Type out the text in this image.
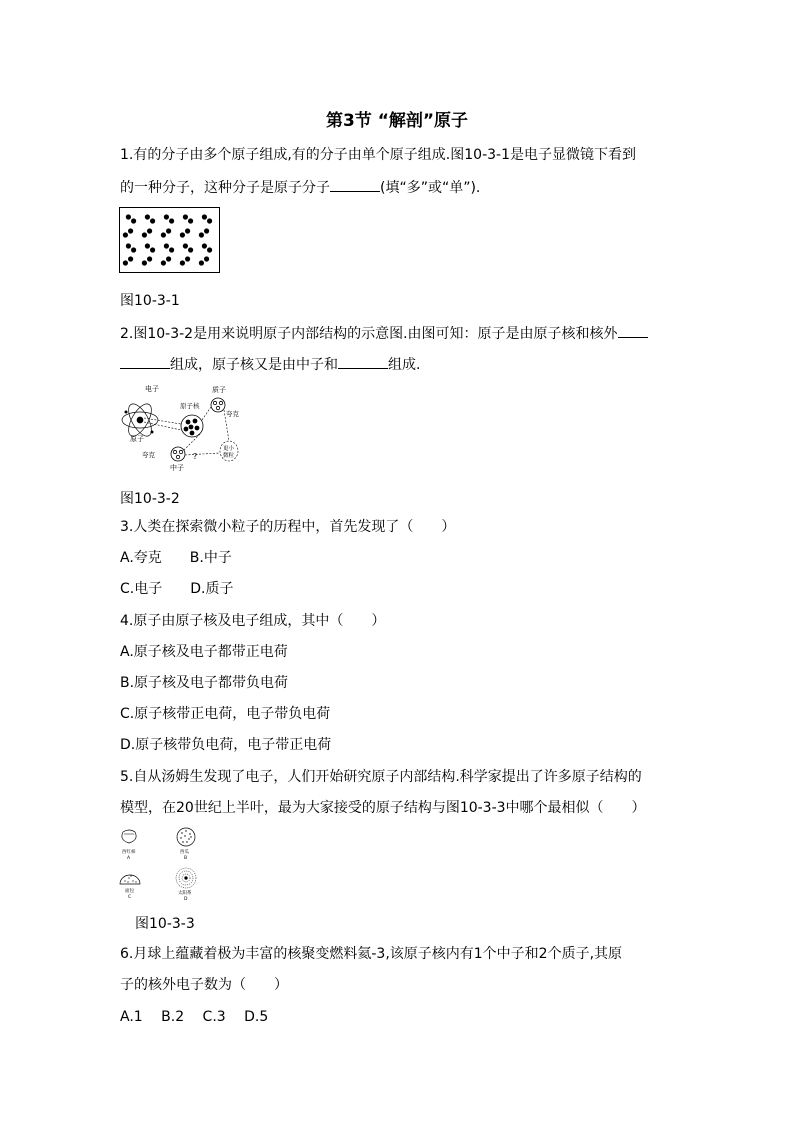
第3节 “解剖”原子
1.有的分子由多个原子组成,有的分子由单个原子组成.图10-3-1是电子显微镜下看到
的一种分子，这种分子是原子分子	(填“多”或“单”).
图10-3-1
2.图10-3-2是用来说明原子内部结构的示意图.由图可知：原子是由原子核和核外
组成，原子核又是由中子和	组成.
?
电子
原子核
质子
夸克
原子
夸克
中子
更小
微粒
图10-3-2
3.人类在探索微小粒子的历程中，首先发现了（　　）
A.夸克　　B.中子
C.电子　　D.质子
4.原子由原子核及电子组成，其中（　　）
A.原子核及电子都带正电荷
B.原子核及电子都带负电荷
C.原子核带正电荷，电子带负电荷
D.原子核带负电荷，电子带正电荷
5.自从汤姆生发现了电子，人们开始研究原子内部结构.科学家提出了许多原子结构的
模型，在20世纪上半叶，最为大家接受的原子结构与图10-3-3中哪个最相似（　　）
西红柿
A
西瓜
B
面包
C
太阳系
D
图10-3-3
6.月球上蕴藏着极为丰富的核聚变燃料氦-3,该原子核内有1个中子和2个质子,其原
子的核外电子数为（　　）
A.1　 B.2　 C.3　 D.5
